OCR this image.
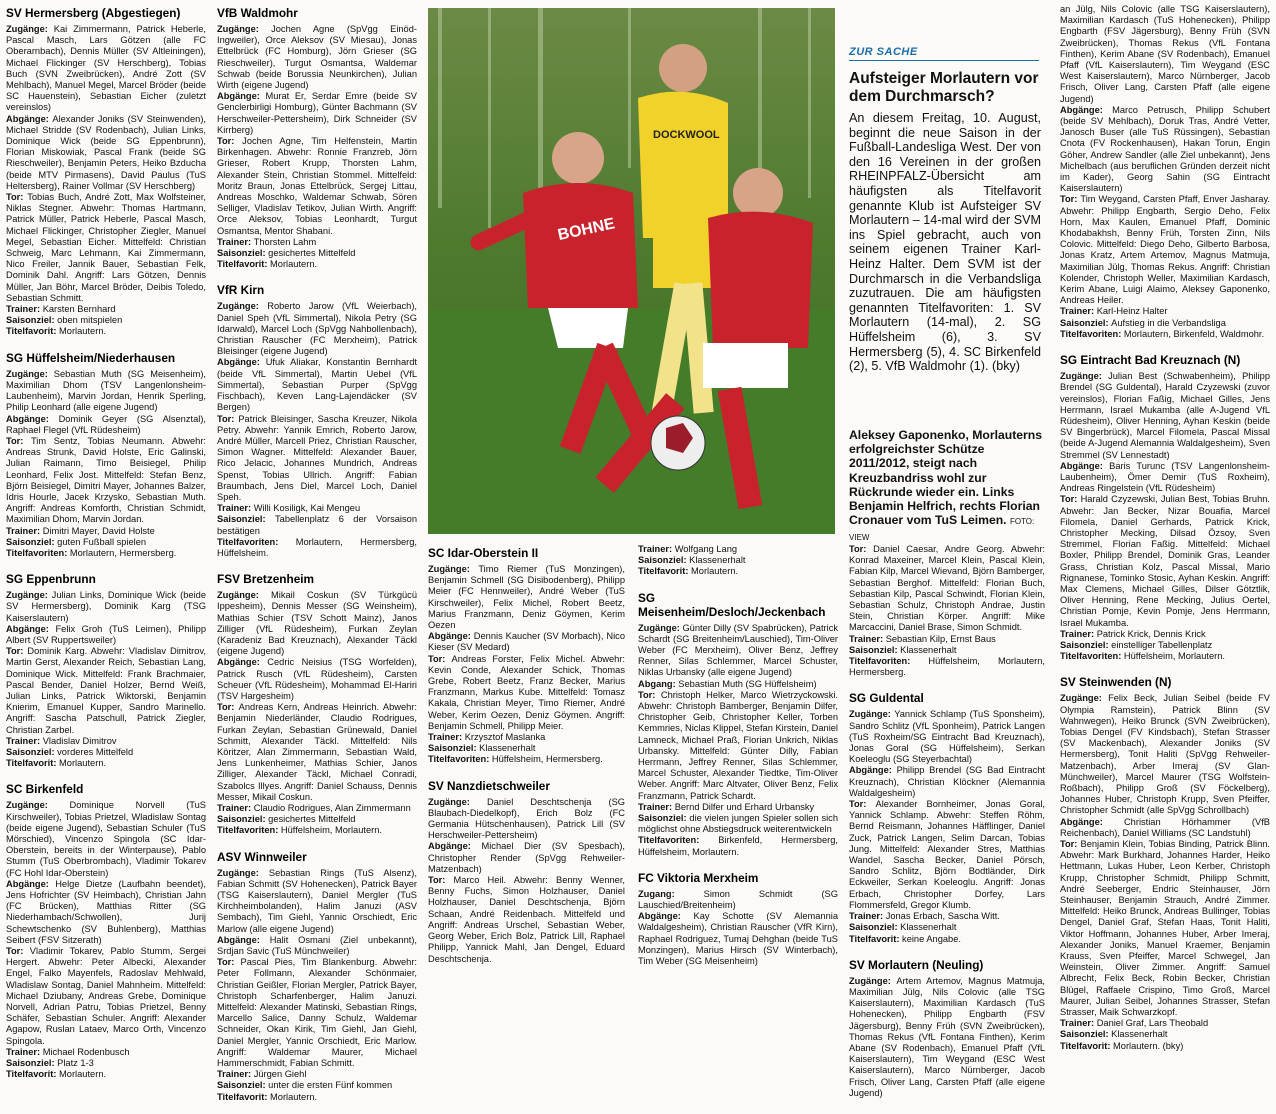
SV Hermersberg (Abgestiegen)

Zugänge: Kai Zimmermann, Patrick Heberle, Pascal Masch, Lars Götzen (alle FC Oberarnbach), Dennis Müller (SV Altleiningen), Michael Flickinger (SV Herschberg), Tobias Buch (SVN Zweibrücken), André Zott (SV Mehlbach), Manuel Megel, Marcel Bröder (beide SC Hauenstein), Sebastian Eicher (zuletzt vereinslos)

Abgänge: Alexander Joniks (SV Steinwenden), Michael Stridde (SV Rodenbach), Julian Links, Dominique Wick (beide SG Eppenbrunn), Florian Miskowiak, Pascal Frank (beide SG Rieschweiler), Benjamin Peters, Heiko Bzducha (beide MTV Pirmasens), David Paulus (TuS Heltersberg), Rainer Vollmar (SV Herschberg)

Tor: Tobias Buch, André Zott, Max Wolfsteiner, Niklas Stegner. Abwehr: Thomas Hartmann, Patrick Müller, Patrick Heberle, Pascal Masch, Michael Flickinger, Christopher Ziegler, Manuel Megel, Sebastian Eicher. Mittelfeld: Christian Schweig, Marc Lehmann, Kai Zimmermann, Nico Freiler, Jannik Bauer, Sebastian Felk, Dominik Dahl. Angriff: Lars Götzen, Dennis Müller, Jan Böhr, Marcel Bröder, Deibis Toledo, Sebastian Schmitt.

Trainer: Karsten Bernhard

Saisonziel: oben mitspielen

Titelfavorit: Morlautern.

SG Hüffelsheim/Niederhausen

Zugänge: Sebastian Muth (SG Meisenheim), Maximilian Dhom (TSV Langenlonsheim-Laubenheim), Marvin Jordan, Henrik Sperling, Philip Leonhard (alle eigene Jugend)

Abgänge: Dominik Geyer (SG Alsenztal), Raphael Flegel (VfL Rüdesheim)

Tor: Tim Sentz, Tobias Neumann. Abwehr: Andreas Strunk, David Holste, Eric Galinski, Julian Raimann, Timo Beisiegel, Philip Leonhard, Felix Jost. Mittelfeld: Stefan Benz, Björn Beisiegel, Dimitri Mayer, Johannes Balzer, Idris Hourle, Jacek Krzysko, Sebastian Muth. Angriff: Andreas Komforth, Christian Schmidt, Maximilian Dhom, Marvin Jordan.

Trainer: Dimitri Mayer, David Holste

Saisonziel: guten Fußball spielen

Titelfavoriten: Morlautern, Hermersberg.

SG Eppenbrunn

Zugänge: Julian Links, Dominique Wick (beide SV Hermersberg), Dominik Karg (TSG Kaiserslautern)

Abgänge: Felix Groh (TuS Leimen), Philipp Albert (SV Ruppertsweiler)

Tor: Dominik Karg. Abwehr: Vladislav Dimitrov, Martin Gerst, Alexander Reich, Sebastian Lang, Dominique Wick. Mittelfeld: Frank Brachmaier, Pascal Bender, Daniel Holzer, Bernd Weiß, Julian Links, Patrick Wiktorski, Benjamin Knierim, Emanuel Kupper, Sandro Marinello. Angriff: Sascha Patschull, Patrick Ziegler, Christian Zarbel.

Trainer: Vladislav Dimitrov

Saisonziel: vorderes Mittelfeld

Titelfavorit: Morlautern.

SC Birkenfeld

Zugänge: Dominique Norvell (TuS Kirschweiler), Tobias Prietzel, Wladislaw Sontag (beide eigene Jugend), Sebastian Schuler (TuS Mörschied), Vincenzo Spingola (SC Idar-Oberstein, bereits in der Winterpause), Pablo Stumm (TuS Oberbrombach), Vladimir Tokarev (FC Hohl Idar-Oberstein)

Abgänge: Helge Dietze (Laufbahn beendet), Jens Hofrichter (SV Heimbach), Christian Jahn (FC Brücken), Matthias Ritter (SG Niederhambach/Schwollen), Jurij Schewtschenko (SV Buhlenberg), Matthias Seibert (FSV Sitzerath)

Tor: Vladimir Tokarev, Pablo Stumm, Sergei Hergert. Abwehr: Peter Albecki, Alexander Engel, Falko Mayenfels, Radoslav Mehlwald, Wladislaw Sontag, Daniel Mahnheim. Mittelfeld: Michael Dziubany, Andreas Grebe, Dominique Norvell, Adrian Patru, Tobias Prietzel, Benny Schäfer, Sebastian Schuler. Angriff: Alexander Agapow, Ruslan Lataev, Marco Orth, Vincenzo Spingola.

Trainer: Michael Rodenbusch

Saisonziel: Platz 1-3

Titelfavorit: Morlautern.

VfB Waldmohr

Zugänge: Jochen Agne (SpVgg Einöd-Ingweiler), Orce Aleksov (SV Miesau), Jonas Ettelbrück (FC Homburg), Jörn Grieser (SG Rieschweiler), Turgut Osmantsa, Waldemar Schwab (beide Borussia Neunkirchen), Julian Wirth (eigene Jugend)

Abgänge: Murat Er, Serdar Emre (beide SV Genclerbirligi Homburg), Günter Bachmann (SV Herschweiler-Pettersheim), Dirk Schneider (SV Kirrberg)

Tor: Jochen Agne, Tim Helfenstein, Martin Birkenhagen. Abwehr: Ronnie Franzreb, Jörn Grieser, Robert Krupp, Thorsten Lahm, Alexander Stein, Christian Stommel. Mittelfeld: Moritz Braun, Jonas Ettelbrück, Sergej Littau, Andreas Moschko, Waldemar Schwab, Sören Selliger, Vladislav Tetikov, Julian Wirth. Angriff: Orce Aleksov, Tobias Leonhardt, Turgut Osmantsa, Mentor Shabani.

Trainer: Thorsten Lahm

Saisonziel: gesichertes Mittelfeld

Titelfavorit: Morlautern.

VfR Kirn

Zugänge: Roberto Jarow (VfL Weierbach), Daniel Speh (VfL Simmertal), Nikola Petry (SG Idarwald), Marcel Loch (SpVgg Nahbollenbach), Christian Rauscher (FC Merxheim), Patrick Bleisinger (eigene Jugend)

Abgänge: Ufuk Aliakar, Konstantin Bernhardt (beide VfL Simmertal), Martin Uebel (VfL Simmertal), Sebastian Purper (SpVgg Fischbach), Keven Lang-Lajendäcker (SV Bergen)

Tor: Patrick Bleisinger, Sascha Kreuzer, Nikola Petry. Abwehr: Yannik Emrich, Roberto Jarow, André Müller, Marcell Priez, Christian Rauscher, Simon Wagner. Mittelfeld: Alexander Bauer, Rico Jelacic, Johannes Mundrich, Andreas Spenst, Tobias Ullrich. Angriff: Fabian Braumbach, Jens Diel, Marcel Loch, Daniel Speh.

Trainer: Willi Kosiligk, Kai Mengeu

Saisonziel: Tabellenplatz 6 der Vorsaison bestätigen

Titelfavoriten: Morlautern, Hermersberg, Hüffelsheim.

FSV Bretzenheim

Zugänge: Mikail Coskun (SV Türkgücü Ippesheim), Dennis Messer (SG Weinsheim), Mathias Schier (TSV Schott Mainz), Janos Zilliger (VfL Rüdesheim), Furkan Zeylan (Karadeniz Bad Kreuznach), Alexander Täckl (eigene Jugend)

Abgänge: Cedric Neisius (TSG Worfelden), Patrick Rusch (VfL Rüdesheim), Carsten Scheuer (VfL Rüdesheim), Mohammad El-Hariri (TSV Hargesheim)

Tor: Andreas Kern, Andreas Heinrich. Abwehr: Benjamin Niederländer, Claudio Rodrigues, Furkan Zeylan, Sebastian Grünewald, Daniel Schmitt, Alexander Täckl. Mittelfeld: Nils Köritzer, Alan Zimmermann, Sebastian Wald, Jens Lunkenheimer, Mathias Schier, Janos Zilliger, Alexander Täckl, Michael Conradi, Szabolcs Illyes. Angriff: Daniel Schauss, Dennis Messer, Mikail Coskun.

Trainer: Claudio Rodrigues, Alan Zimmermann

Saisonziel: gesichertes Mittelfeld

Titelfavoriten: Hüffelsheim, Morlautern.

ASV Winnweiler

Zugänge: Sebastian Rings (TuS Alsenz), Fabian Schmitt (SV Hohenecken), Patrick Bayer (TSG Kaiserslautern), Daniel Mergler (TuS Kirchheimbolanden), Halim Januzi (ASV Sembach), Tim Giehl, Yannic Orschiedt, Eric Marlow (alle eigene Jugend)

Abgänge: Halit Osmani (Ziel unbekannt), Srdjan Savic (TuS Münchweiler)

Tor: Pascal Pies, Tim Blankenburg. Abwehr: Peter Follmann, Alexander Schönmaier, Christian Geißler, Florian Mergler, Patrick Bayer, Christoph Scharfenberger, Halim Januzi. Mittelfeld: Alexander Matinski, Sebastian Rings, Marcello Salice, Danny Schulz, Waldemar Schneider, Okan Kirik, Tim Giehl, Jan Giehl, Daniel Mergler, Yannic Orschiedt, Eric Marlow. Angriff: Waldemar Maurer, Michael Hammerschmidt, Fabian Schmitt.

Trainer: Jürgen Giehl

Saisonziel: unter die ersten Fünf kommen

Titelfavorit: Morlautern.

SC Idar-Oberstein II

Zugänge: Timo Riemer (TuS Monzingen), Benjamin Schmell (SG Disibodenberg), Philipp Meier (FC Hennweiler), André Weber (TuS Kirschweiler), Felix Michel, Robert Beetz, Marius Franzmann, Deniz Göymen, Kerim Oezen

Abgänge: Dennis Kaucher (SV Morbach), Nico Kieser (SV Medard)

Tor: Andreas Forster, Felix Michel. Abwehr: Kevin Conde, Alexander Schick, Thomas Grebe, Robert Beetz, Franz Becker, Marius Franzmann, Markus Kube. Mittelfeld: Tomasz Kakala, Christian Meyer, Timo Riemer, André Weber, Kerim Oezen, Deniz Göymen. Angriff: Benjamin Schmell, Philipp Meier.

Trainer: Krzysztof Maslanka

Saisonziel: Klassenerhalt

Titelfavoriten: Hüffelsheim, Hermersberg.

SV Nanzdietschweiler

Zugänge: Daniel Deschtschenja (SG Blaubach-Diedelkopf), Erich Bolz (FC Germania Hütschenhausen), Patrick Lill (SV Herschweiler-Pettersheim)

Abgänge: Michael Dier (SV Spesbach), Christopher Render (SpVgg Rehweiler-Matzenbach)

Tor: Marco Heil. Abwehr: Benny Wenner, Benny Fuchs, Simon Holzhauser, Daniel Holzhauser, Daniel Deschtschenja, Björn Schaan, André Reidenbach. Mittelfeld und Angriff: Andreas Urschel, Sebastian Weber, Georg Weber, Erich Bolz, Patrick Lill, Raphael Philipp, Yannick Mahl, Jan Dengel, Eduard Deschtschenja.

Trainer: Wolfgang Lang

Saisonziel: Klassenerhalt

Titelfavorit: Morlautern.

SG Meisenheim/Desloch/Jeckenbach

Zugänge: Günter Dilly (SV Spabrücken), Patrick Schardt (SG Breitenheim/Lauschied), Tim-Oliver Weber (FC Merxheim), Oliver Benz, Jeffrey Renner, Silas Schlemmer, Marcel Schuster, Niklas Urbansky (alle eigene Jugend)

Abgang: Sebastian Muth (SG Hüffelsheim)

Tor: Christoph Helker, Marco Wietrzyckowski. Abwehr: Christoph Bamberger, Benjamin Dilfer, Christopher Geib, Christopher Keller, Torben Kemmries, Niclas Klippel, Stefan Kirstein, Daniel Lamneck, Michael Praß, Florian Unkrich, Niklas Urbansky. Mittelfeld: Günter Dilly, Fabian Herrmann, Jeffrey Renner, Silas Schlemmer, Marcel Schuster, Alexander Tiedtke, Tim-Oliver Weber. Angriff: Marc Altvater, Oliver Benz, Felix Franzmann, Patrick Schardt.

Trainer: Bernd Dilfer und Erhard Urbansky

Saisonziel: die vielen jungen Spieler sollen sich möglichst ohne Abstiegsdruck weiterentwickeln

Titelfavoriten: Birkenfeld, Hermersberg, Hüffelsheim, Morlautern.

FC Viktoria Merxheim

Zugang: Simon Schmidt (SG Lauschied/Breitenheim)

Abgänge: Kay Schotte (SV Alemannia Waldalgesheim), Christian Rauscher (VfR Kirn), Raphael Rodriguez, Tumaj Dehghan (beide TuS Monzingen), Marius Hirsch (SV Winterbach), Tim Weber (SG Meisenheim)

Tor: Daniel Caesar, Andre Georg. Abwehr: Konrad Maxeiner, Marcel Klein, Pascal Klein, Fabian Kilp, Marcel Wievand, Björn Bamberger, Sebastian Berghof. Mittelfeld: Florian Buch, Sebastian Kilp, Pascal Schwindt, Florian Klein, Sebastian Schulz, Christoph Andrae, Justin Stein, Christian Körper. Angriff: Mike Marcaccini, Daniel Brase, Simon Schmidt.

Trainer: Sebastian Kilp, Ernst Baus

Saisonziel: Klassenerhalt

Titelfavoriten: Hüffelsheim, Morlautern, Hermersberg.

SG Guldental

Zugänge: Yannick Schlamp (TuS Sponsheim), Sandro Schlitz (VfL Sponheim), Patrick Langen (TuS Roxheim/SG Eintracht Bad Kreuznach), Jonas Goral (SG Hüffelsheim), Serkan Koeleoglu (SG Steyerbachtal)

Abgänge: Philipp Brendel (SG Bad Eintracht Kreuznach), Christian Klöckner (Alemannia Waldalgesheim)

Tor: Alexander Bornheimer, Jonas Goral, Yannick Schlamp. Abwehr: Steffen Röhm, Bernd Reismann, Johannes Häfflinger, Daniel Zuck, Patrick Langen, Selim Darcan, Tobias Jung. Mittelfeld: Alexander Stres, Matthias Wandel, Sascha Becker, Daniel Pörsch, Sandro Schlitz, Björn Bodtländer, Dirk Eckweiler, Serkan Koeleoglu. Angriff: Jonas Erbach, Christopher Dorfey, Lars Flommersfeld, Gregor Klumb.

Trainer: Jonas Erbach, Sascha Witt.

Saisonziel: Klassenerhalt

Titelfavorit: keine Angabe.

SV Morlautern (Neuling)

Zugänge: Artem Artemov, Magnus Matmuja, Maximilian Jülg, Nils Colovic (alle TSG Kaiserslautern), Maximilian Kardasch (TuS Hohenecken), Philipp Engbarth (FSV Jägersburg), Benny Früh (SVN Zweibrücken), Thomas Rekus (VfL Fontana Finthen), Kerim Abane (SV Rodenbach), Emanuel Pfaff (VfL Kaiserslautern), Tim Weygand (ESC West Kaiserslautern), Marco Nürnberger, Jacob Frisch, Oliver Lang, Carsten Pfaff (alle eigene Jugend)

an Jülg, Nils Colovic (alle TSG Kaiserslautern), Maximilian Kardasch (TuS Hohenecken), Philipp Engbarth (FSV Jägersburg), Benny Früh (SVN Zweibrücken), Thomas Rekus (VfL Fontana Finthen), Kerim Abane (SV Rodenbach), Emanuel Pfaff (VfL Kaiserslautern), Tim Weygand (ESC West Kaiserslautern), Marco Nürnberger, Jacob Frisch, Oliver Lang, Carsten Pfaff (alle eigene Jugend)

Abgänge: Marco Petrusch, Philipp Schubert (beide SV Mehlbach), Doruk Tras, André Vetter, Janosch Buser (alle TuS Rüssingen), Sebastian Cnota (FV Rockenhausen), Hakan Torun, Engin Göher, Andrew Sandler (alle Ziel unbekannt), Jens Michelbach (aus beruflichen Gründen derzeit nicht im Kader), Georg Sahin (SG Eintracht Kaiserslautern)

Tor: Tim Weygand, Carsten Pfaff, Enver Jasharay. Abwehr: Philipp Engbarth, Sergio Deho, Felix Horn, Max Kaulen, Emanuel Pfaff, Dominic Khodabakhsh, Benny Früh, Torsten Zinn, Nils Colovic. Mittelfeld: Diego Deho, Gilberto Barbosa, Jonas Kratz, Artem Artemov, Magnus Matmuja, Maximilian Jülg, Thomas Rekus. Angriff: Christian Kolender, Christoph Weller, Maximilian Kardasch, Kerim Abane, Luigi Alaimo, Aleksey Gaponenko, Andreas Heiler.

Trainer: Karl-Heinz Halter

Saisonziel: Aufstieg in die Verbandsliga

Titelfavoriten: Morlautern, Birkenfeld, Waldmohr.

SG Eintracht Bad Kreuznach (N)

Zugänge: Julian Best (Schwabenheim), Philipp Brendel (SG Guldental), Harald Czyzewski (zuvor vereinslos), Florian Faßig, Michael Gilles, Jens Herrmann, Israel Mukamba (alle A-Jugend VfL Rüdesheim), Oliver Henning, Ayhan Keskin (beide SV Bingerbrück), Marcel Filomela, Pascal Missal (beide A-Jugend Alemannia Waldalgesheim), Sven Stremmel (SV Lennestadt)

Abgänge: Baris Turunc (TSV Langenlonsheim-Laubenheim), Ömer Demir (TuS Roxheim), Andreas Ringelstein (VfL Rüdesheim)

Tor: Harald Czyzewski, Julian Best, Tobias Bruhn. Abwehr: Jan Becker, Nizar Bouafia, Marcel Filomela, Daniel Gerhards, Patrick Krick, Christopher Mecking, Dilsad Özsoy, Sven Stremmel, Florian Faßig. Mittelfeld: Michael Boxler, Philipp Brendel, Dominik Gras, Leander Grass, Christian Kolz, Pascal Missal, Mario Rignanese, Tominko Stosic, Ayhan Keskin. Angriff: Max Clemens, Michael Gilles, Dilser Götztlik, Oliver Henning, Rene Mecking, Julius Oertel, Christian Pomje, Kevin Pomje, Jens Herrmann, Israel Mukamba.

Trainer: Patrick Krick, Dennis Krick

Saisonziel: einstelliger Tabellenplatz

Titelfavoriten: Hüffelsheim, Morlautern.

SV Steinwenden (N)

Zugänge: Felix Beck, Julian Seibel (beide FV Olympia Ramstein), Patrick Blinn (SV Wahnwegen), Heiko Brunck (SVN Zweibrücken), Tobias Dengel (FV Kindsbach), Stefan Strasser (SV Mackenbach), Alexander Joniks (SV Hermersberg), Tonit Haliti (SpVgg Rehweiler-Matzenbach), Arber Imeraj (SV Glan-Münchweiler), Marcel Maurer (TSG Wolfstein-Roßbach), Philipp Groß (SV Föckelberg), Johannes Huber, Christoph Krupp, Sven Pfeiffer, Christopher Schmidt (alle SpVgg Schrollbach)

Abgänge: Christian Hörhammer (VfB Reichenbach), Daniel Williams (SC Landstuhl)

Tor: Benjamin Klein, Tobias Binding, Patrick Blinn. Abwehr: Mark Burkhard, Johannes Harder, Heiko Hettmann, Lukas Huber, Leon Kerber, Christoph Krupp, Christopher Schmidt, Philipp Schmitt, André Seeberger, Endric Steinhauser, Jörn Steinhauser, Benjamin Strauch, André Zimmer. Mittelfeld: Heiko Brunck, Andreas Bullinger, Tobias Dengel, Daniel Graf, Stefan Haas, Tonit Haliti, Viktor Hoffmann, Johannes Huber, Arber Imeraj, Alexander Joniks, Manuel Kraemer, Benjamin Krauss, Sven Pfeiffer, Marcel Schwegel, Jan Weinstein, Oliver Zimmer. Angriff: Samuel Albrecht, Felix Beck, Robin Becker, Christian Blügel, Raffaele Crispino, Timo Groß, Marcel Maurer, Julian Seibel, Johannes Strasser, Stefan Strasser, Maik Schwarzkopf.

Trainer: Daniel Graf, Lars Theobald

Saisonziel: Klassenerhalt

Titelfavorit: Morlautern. (bky)

BOHNE
DOCKWOOL
ZUR SACHE
Aufsteiger Morlautern vor dem Durchmarsch?

An diesem Freitag, 10. August, beginnt die neue Saison in der Fußball-Landesliga West. Der von den 16 Vereinen in der großen RHEINPFALZ-Übersicht am häufigsten als Titelfavorit genannte Klub ist Aufsteiger SV Morlautern – 14-mal wird der SVM ins Spiel gebracht, auch von seinem eigenen Trainer Karl-Heinz Halter. Dem SVM ist der Durchmarsch in die Verbandsliga zuzutrauen. Die am häufigsten genannten Titelfavoriten: 1. SV Morlautern (14-mal), 2. SG Hüffelsheim (6), 3. SV Hermersberg (5), 4. SC Birkenfeld (2), 5. VfB Waldmohr (1). (bky)

Aleksey Gaponenko, Morlauterns erfolgreichster Schütze 2011/2012, steigt nach Kreuzbandriss wohl zur Rückrunde wieder ein. Links Benjamin Helfrich, rechts Florian Cronauer vom TuS Leimen. FOTO: VIEW
